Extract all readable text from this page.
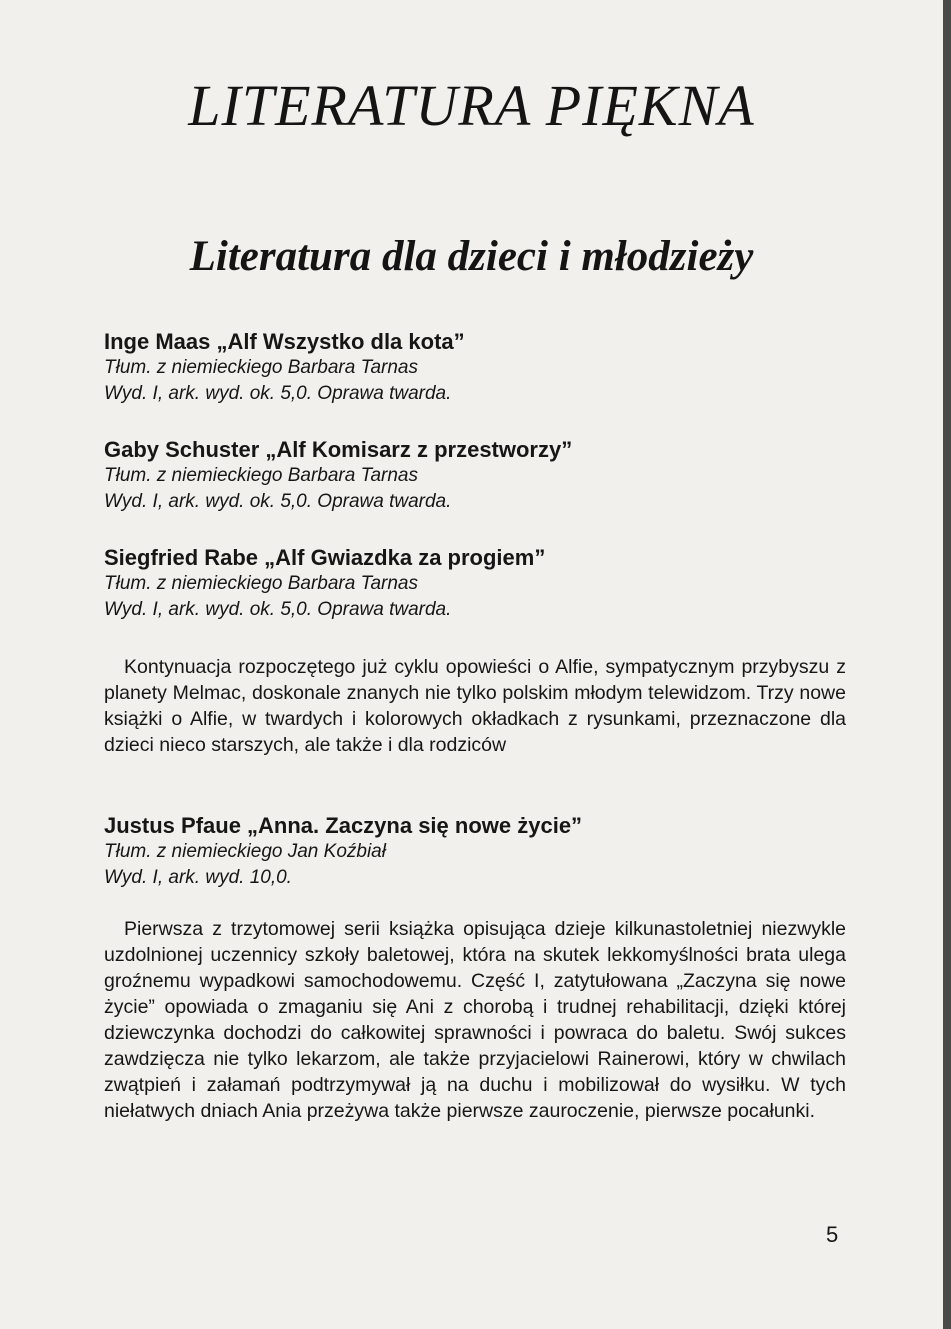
LITERATURA PIĘKNA
Literatura dla dzieci i młodzieży

Inge Maas „Alf Wszystko dla kota”

Tłum. z niemieckiego Barbara Tarnas

Wyd. I, ark. wyd. ok. 5,0. Oprawa twarda.

Gaby Schuster „Alf Komisarz z przestworzy”

Tłum. z niemieckiego Barbara Tarnas

Wyd. I, ark. wyd. ok. 5,0. Oprawa twarda.

Siegfried Rabe „Alf Gwiazdka za progiem”

Tłum. z niemieckiego Barbara Tarnas

Wyd. I, ark. wyd. ok. 5,0. Oprawa twarda.

Kontynuacja rozpoczętego już cyklu opowieści o Alfie, sympatycznym przybyszu z planety Melmac, doskonale znanych nie tylko polskim młodym telewidzom. Trzy nowe książki o Alfie, w twardych i kolorowych okładkach z rysunkami, przeznaczone dla dzieci nieco starszych, ale także i dla rodziców

Justus Pfaue „Anna. Zaczyna się nowe życie”

Tłum. z niemieckiego Jan Koźbiał

Wyd. I, ark. wyd. 10,0.

Pierwsza z trzytomowej serii książka opisująca dzieje kilkunastoletniej niezwykle uzdolnionej uczennicy szkoły baletowej, która na skutek lekkomyślności brata ulega groźnemu wypadkowi samochodowemu. Część I, zatytułowana „Zaczyna się nowe życie” opowiada o zmaganiu się Ani z chorobą i trudnej rehabilitacji, dzięki której dziewczynka dochodzi do całkowitej sprawności i powraca do baletu. Swój sukces zawdzięcza nie tylko lekarzom, ale także przyjacielowi Rainerowi, który w chwilach zwątpień i załamań podtrzymywał ją na duchu i mobilizował do wysiłku. W tych niełatwych dniach Ania przeżywa także pierwsze zauroczenie, pierwsze pocałunki.

5
